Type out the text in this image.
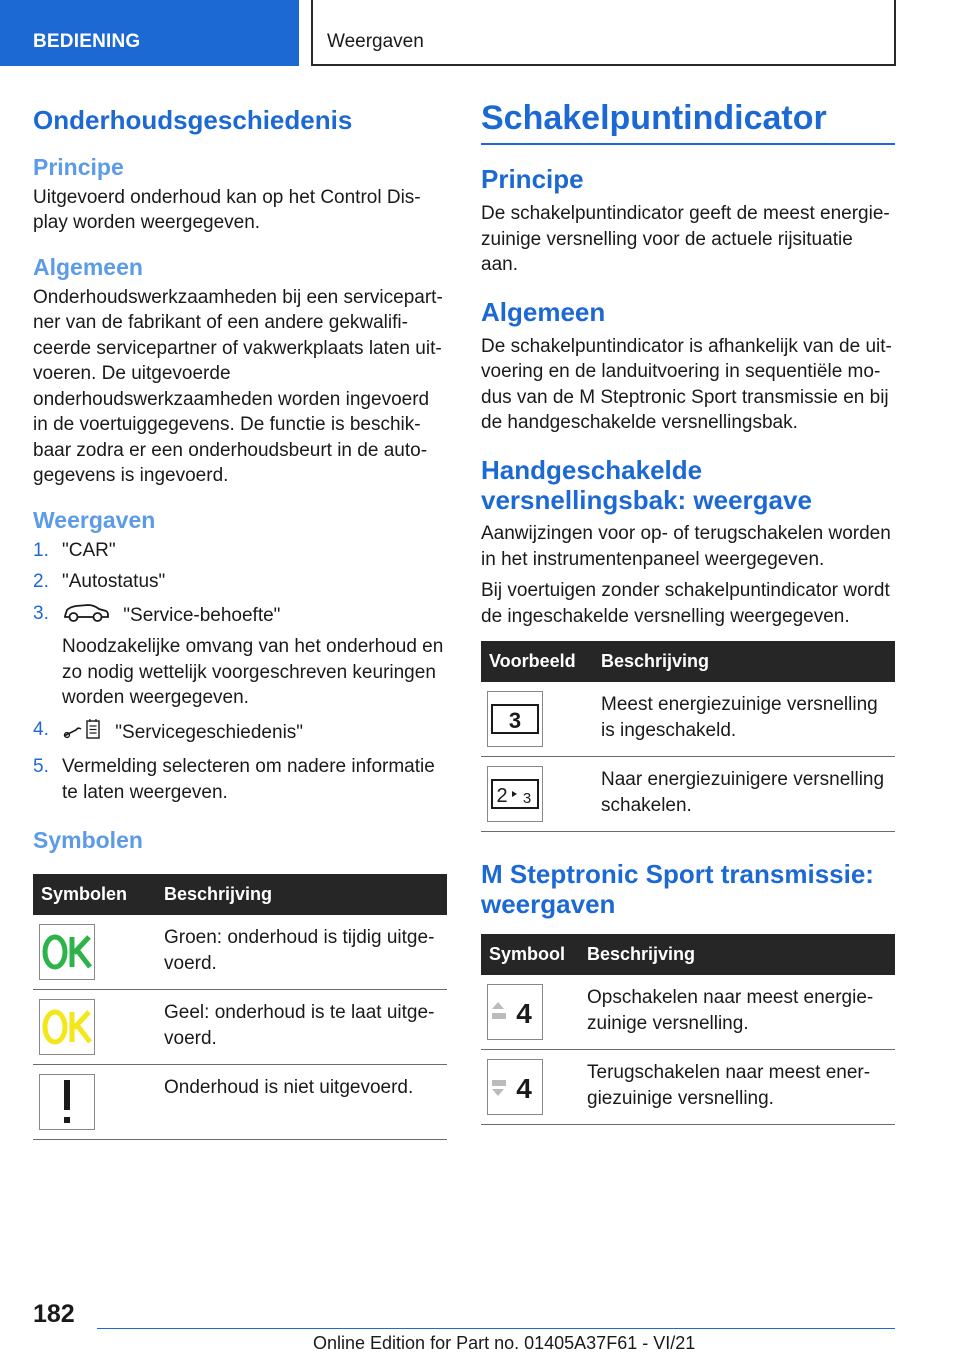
BEDIENING	Weergaven
Onderhoudsgeschiedenis
Principe

Uitgevoerd onderhoud kan op het Control Display worden weergegeven.

Algemeen

Onderhoudswerkzaamheden bij een servicepartner van de fabrikant of een andere gekwalificeerde servicepartner of vakwerkplaats laten uitvoeren. De uitgevoerde onderhoudswerkzaamheden worden ingevoerd in de voertuiggegevens. De functie is beschikbaar zodra er een onderhoudsbeurt in de autogegevens is ingevoerd.

Weergaven
1. "CAR"
2. "Autostatus"
3.	"Service-behoefte"
Noodzakelijke omvang van het onderhoud en zo nodig wettelijk voorgeschreven keuringen worden weergegeven.
4.	"Servicegeschiedenis"
5. Vermelding selecteren om nadere informatie te laten weergeven.
Symbolen
Symbolen	Beschrijving

	Groen: onderhoud is tijdig uitgevoerd.

	Geel: onderhoud is te laat uitgevoerd.

	Onderhoud is niet uitgevoerd.
Schakelpuntindicator
Principe

De schakelpuntindicator geeft de meest energiezuinige versnelling voor de actuele rijsituatie aan.

Algemeen

De schakelpuntindicator is afhankelijk van de uitvoering en de landuitvoering in sequentiële modus van de M Steptronic Sport transmissie en bij de handgeschakelde versnellingsbak.

Handgeschakelde versnellingsbak: weergave

Aanwijzingen voor op- of terugschakelen worden in het instrumentenpaneel weergegeven.

Bij voertuigen zonder schakelpuntindicator wordt de ingeschakelde versnelling weergegeven.

Voorbeeld	Beschrijving

3	Meest energiezuinige versnelling is ingeschakeld.

2 3	Naar energiezuinigere versnelling schakelen.
M Steptronic Sport transmissie: weergaven
Symbool	Beschrijving

4	Opschakelen naar meest energiezuinige versnelling.

4	Terugschakelen naar meest energiezuinige versnelling.
182
Online Edition for Part no. 01405A37F61 - VI/21
